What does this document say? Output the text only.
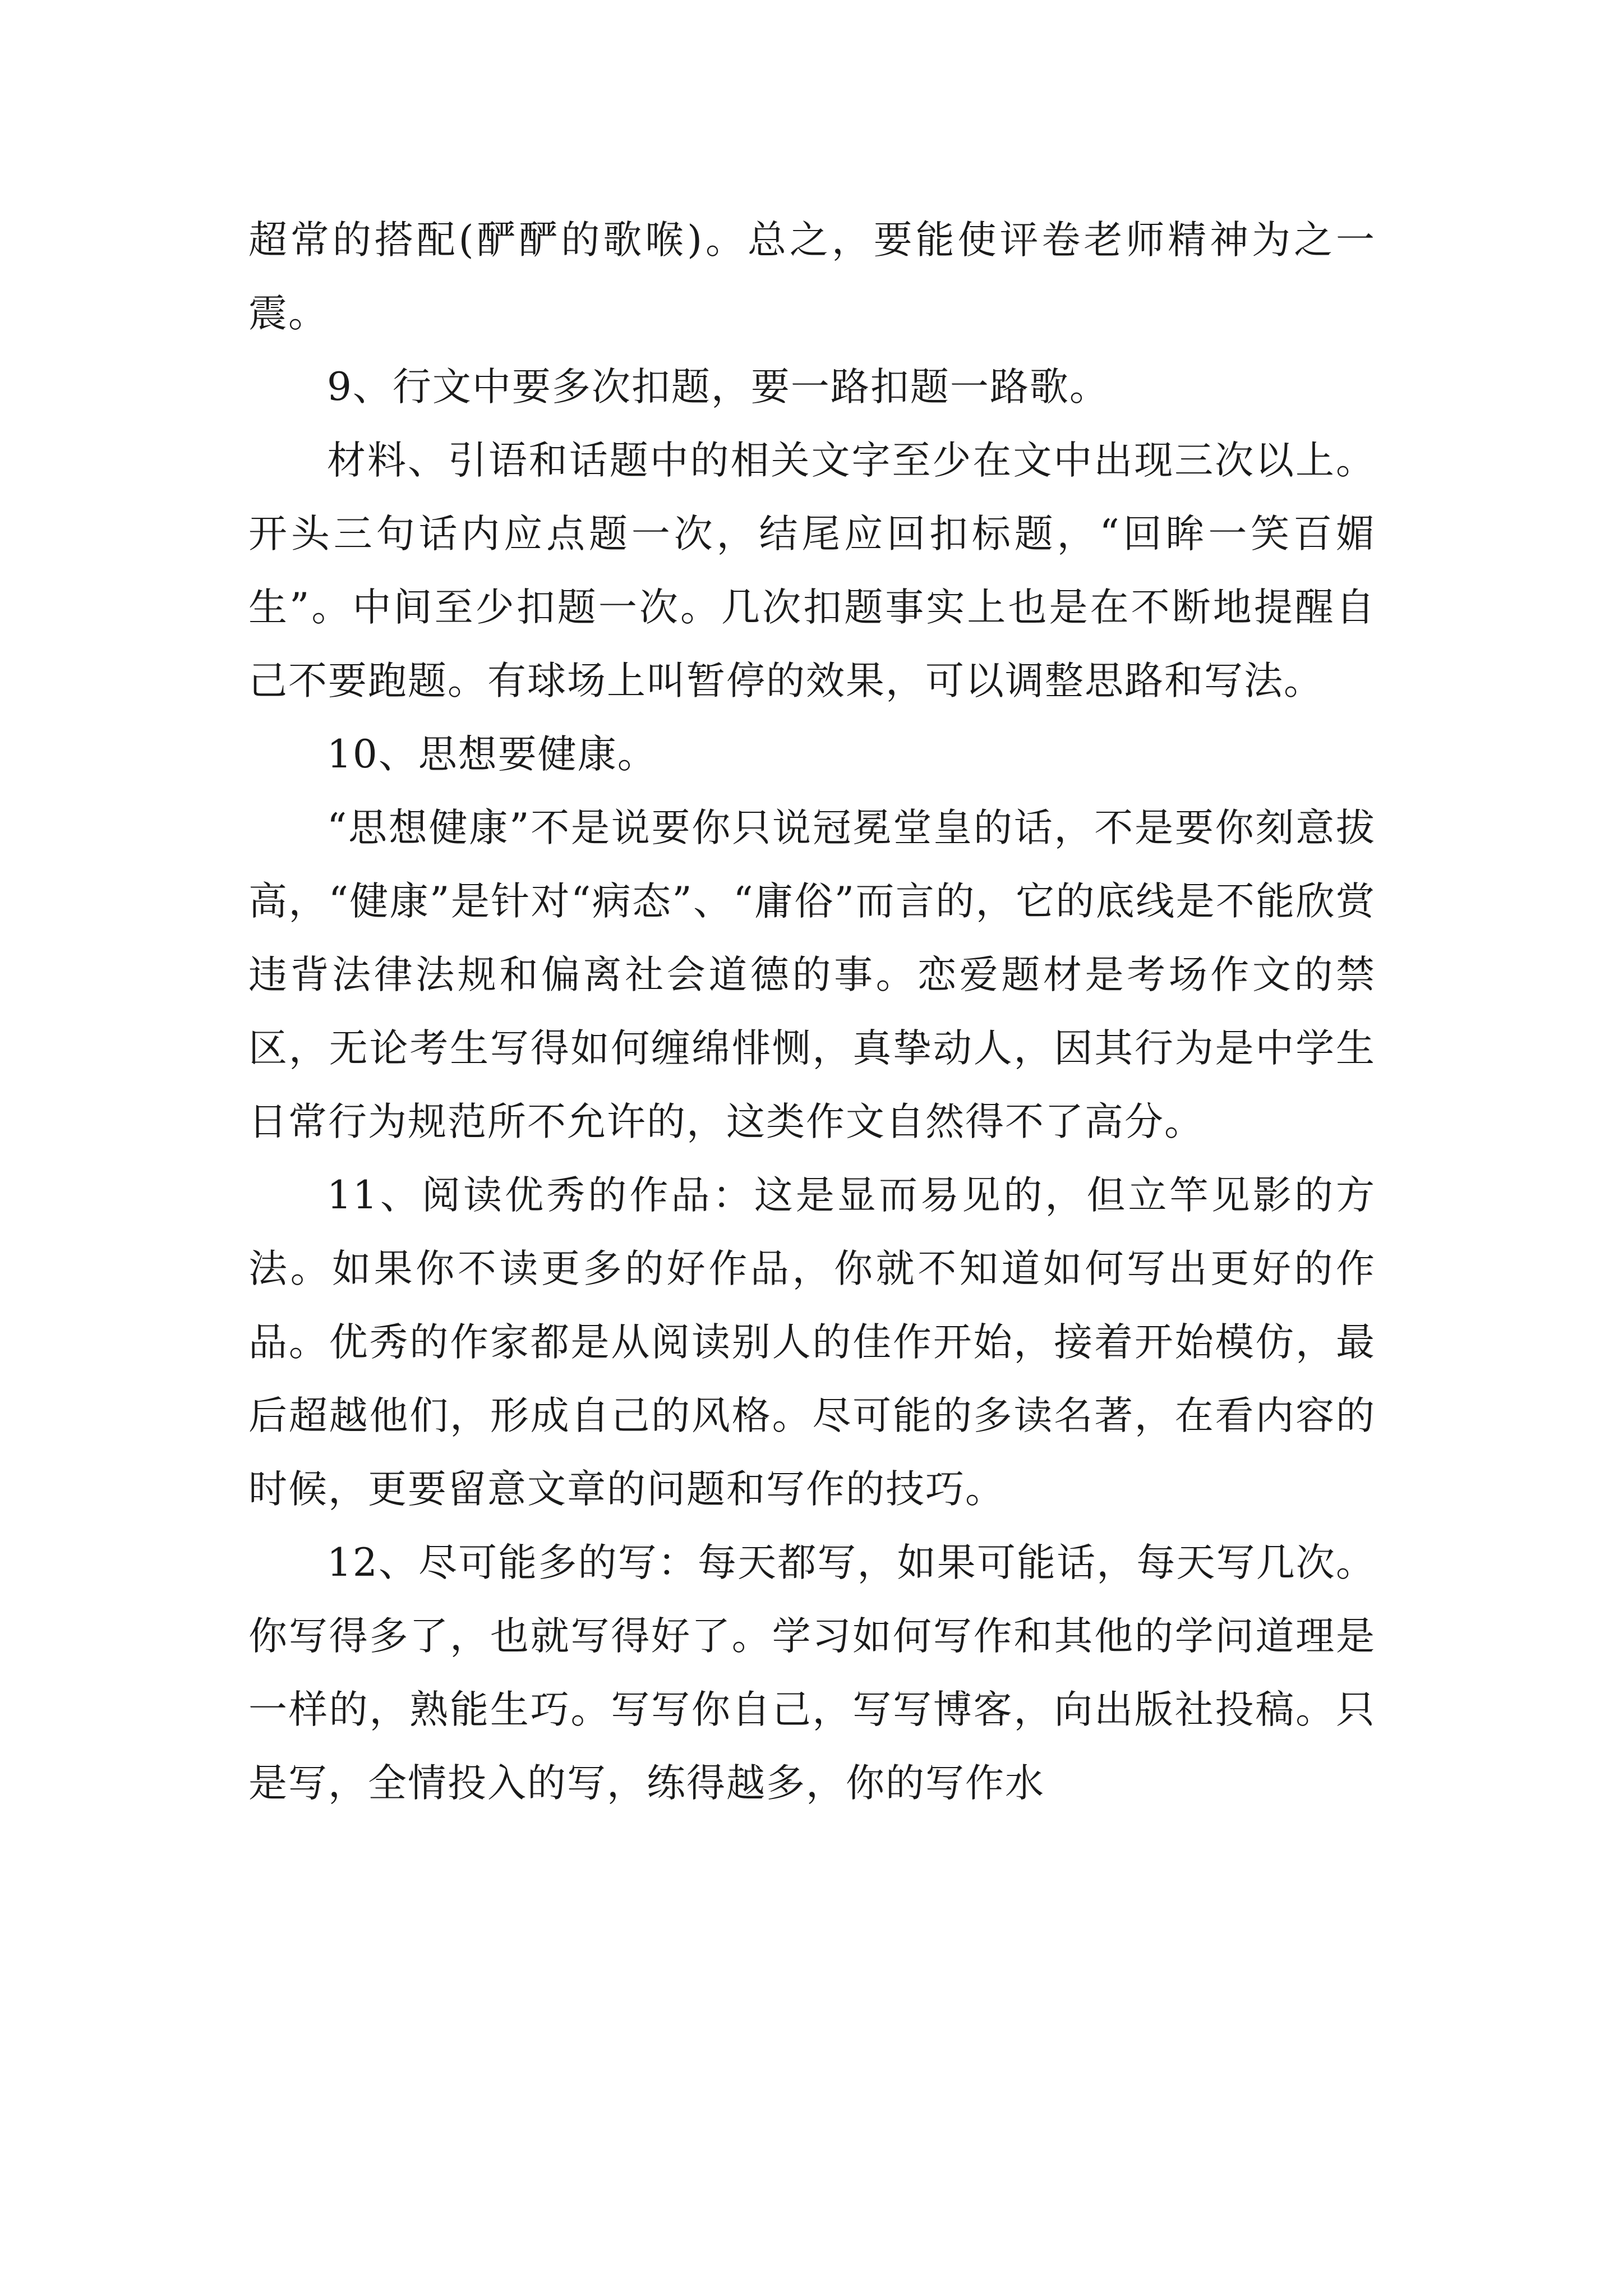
超常的搭配(酽酽的歌喉)。总之，要能使评卷老师精神为之一震。

9、行文中要多次扣题，要一路扣题一路歌。

材料、引语和话题中的相关文字至少在文中出现三次以上。开头三句话内应点题一次，结尾应回扣标题，“回眸一笑百媚生”。中间至少扣题一次。几次扣题事实上也是在不断地提醒自己不要跑题。有球场上叫暂停的效果，可以调整思路和写法。

10、思想要健康。

“思想健康”不是说要你只说冠冕堂皇的话，不是要你刻意拔高，“健康”是针对“病态”、“庸俗”而言的，它的底线是不能欣赏违背法律法规和偏离社会道德的事。恋爱题材是考场作文的禁区，无论考生写得如何缠绵悱恻，真挚动人，因其行为是中学生日常行为规范所不允许的，这类作文自然得不了高分。

11、阅读优秀的作品：这是显而易见的，但立竿见影的方法。如果你不读更多的好作品，你就不知道如何写出更好的作品。优秀的作家都是从阅读别人的佳作开始，接着开始模仿，最后超越他们，形成自己的风格。尽可能的多读名著，在看内容的时候，更要留意文章的问题和写作的技巧。

12、尽可能多的写：每天都写，如果可能话，每天写几次。你写得多了，也就写得好了。学习如何写作和其他的学问道理是一样的，熟能生巧。写写你自己，写写博客，向出版社投稿。只是写，全情投入的写，练得越多，你的写作水
